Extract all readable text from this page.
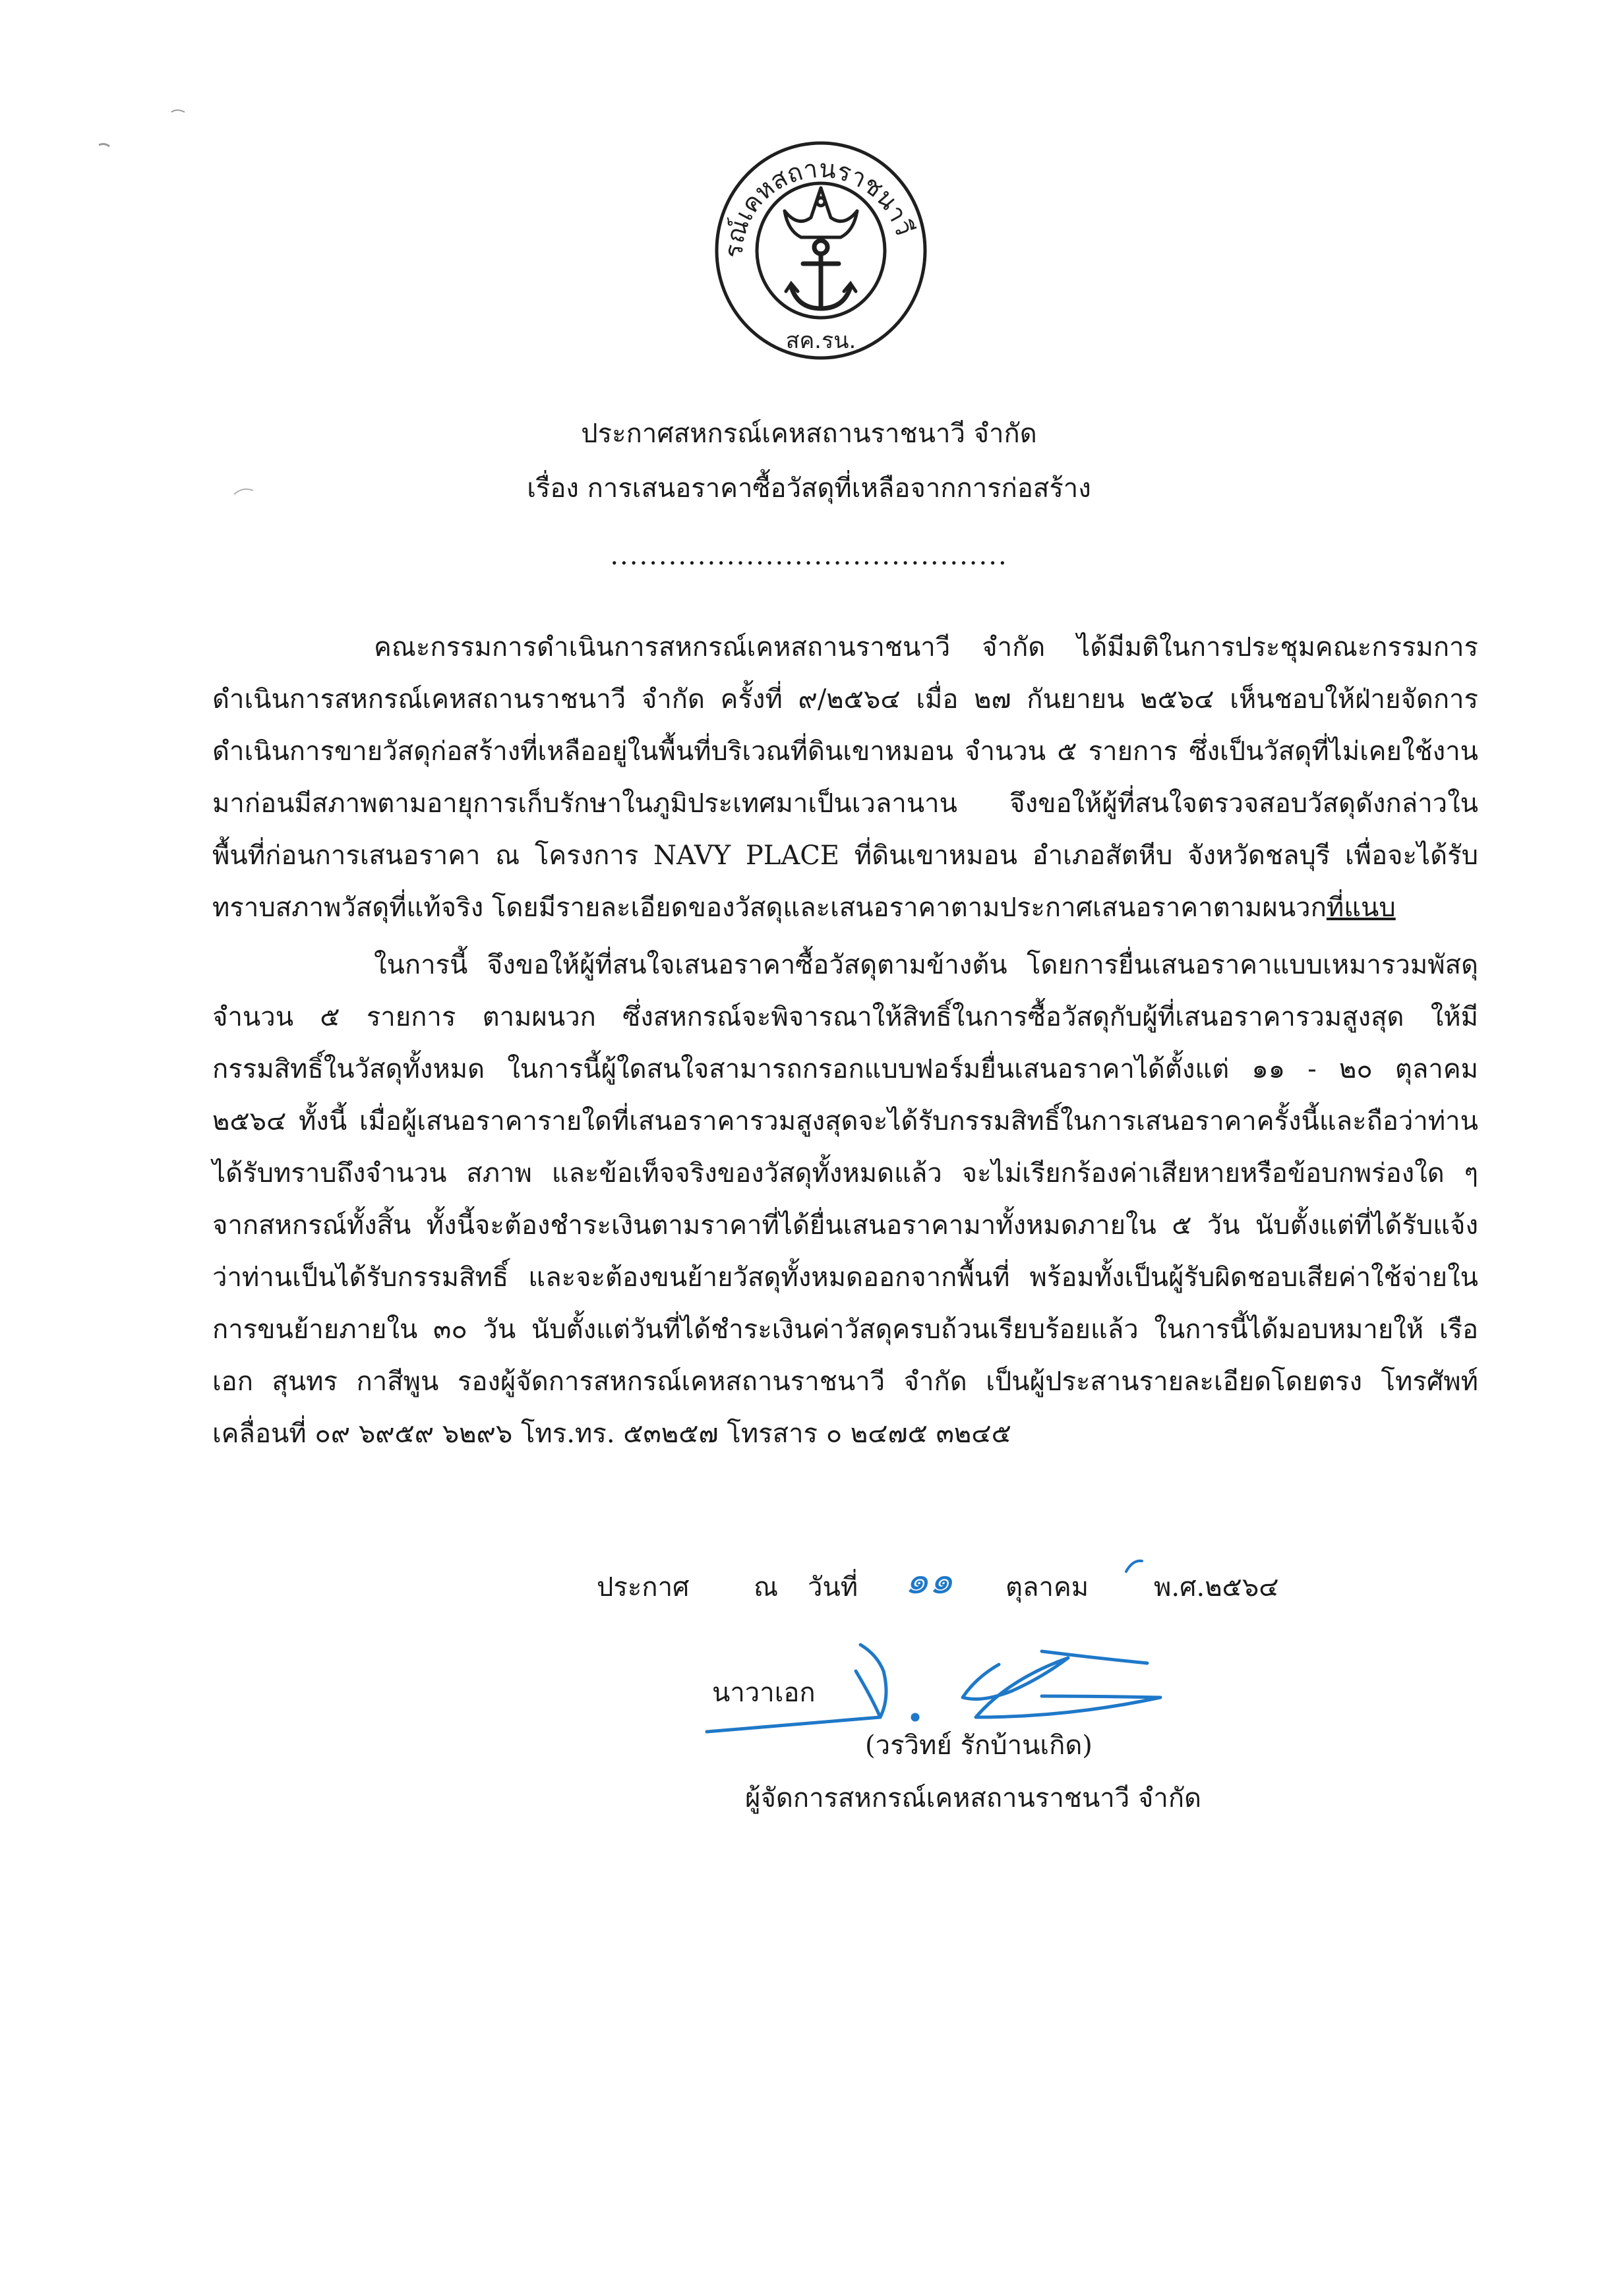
รณ์เคหสถานราชนาวี
สค.รน.
ประกาศสหกรณ์เคหสถานราชนาวี จำกัด
เรื่อง การเสนอราคาซื้อวัสดุที่เหลือจากการก่อสร้าง
.........................................

คณะกรรมการดำเนินการสหกรณ์เคหสถานราชนาวี จำกัด ได้มีมติในการประชุมคณะกรรมการดำเนินการสหกรณ์เคหสถานราชนาวี จำกัด ครั้งที่ ๙/๒๕๖๔ เมื่อ ๒๗ กันยายน ๒๕๖๔ เห็นชอบให้ฝ่ายจัดการดำเนินการขายวัสดุก่อสร้างที่เหลืออยู่ในพื้นที่บริเวณที่ดินเขาหมอน จำนวน ๕ รายการ ซึ่งเป็นวัสดุที่ไม่เคยใช้งานมาก่อนมีสภาพตามอายุการเก็บรักษาในภูมิประเทศมาเป็นเวลานาน จึงขอให้ผู้ที่สนใจตรวจสอบวัสดุดังกล่าวในพื้นที่ก่อนการเสนอราคา ณ โครงการ NAVY PLACE ที่ดินเขาหมอน อำเภอสัตหีบ จังหวัดชลบุรี เพื่อจะได้รับทราบสภาพวัสดุที่แท้จริง โดยมีรายละเอียดของวัสดุและเสนอราคาตามประกาศเสนอราคาตามผนวกที่แนบ

ในการนี้ จึงขอให้ผู้ที่สนใจเสนอราคาซื้อวัสดุตามข้างต้น โดยการยื่นเสนอราคาแบบเหมารวมพัสดุจำนวน ๕ รายการ ตามผนวก ซึ่งสหกรณ์จะพิจารณาให้สิทธิ์ในการซื้อวัสดุกับผู้ที่เสนอราคารวมสูงสุด ให้มีกรรมสิทธิ์ในวัสดุทั้งหมด ในการนี้ผู้ใดสนใจสามารถกรอกแบบฟอร์มยื่นเสนอราคาได้ตั้งแต่ ๑๑ - ๒๐ ตุลาคม ๒๕๖๔ ทั้งนี้ เมื่อผู้เสนอราคารายใดที่เสนอราคารวมสูงสุดจะได้รับกรรมสิทธิ์ในการเสนอราคาครั้งนี้และถือว่าท่านได้รับทราบถึงจำนวน สภาพ และข้อเท็จจริงของวัสดุทั้งหมดแล้ว จะไม่เรียกร้องค่าเสียหายหรือข้อบกพร่องใด ๆ จากสหกรณ์ทั้งสิ้น ทั้งนี้จะต้องชำระเงินตามราคาที่ได้ยื่นเสนอราคามาทั้งหมดภายใน ๕ วัน นับตั้งแต่ที่ได้รับแจ้งว่าท่านเป็นได้รับกรรมสิทธิ์ และจะต้องขนย้ายวัสดุทั้งหมดออกจากพื้นที่ พร้อมทั้งเป็นผู้รับผิดชอบเสียค่าใช้จ่ายในการขนย้ายภายใน ๓๐ วัน นับตั้งแต่วันที่ได้ชำระเงินค่าวัสดุครบถ้วนเรียบร้อยแล้ว ในการนี้ได้มอบหมายให้ เรือเอก สุนทร กาสีพูน รองผู้จัดการสหกรณ์เคหสถานราชนาวี จำกัด เป็นผู้ประสานรายละเอียดโดยตรง โทรศัพท์เคลื่อนที่ ๐๙ ๖๙๕๙ ๖๒๙๖ โทร.ทร. ๕๓๒๕๗ โทรสาร ๐ ๒๔๗๕ ๓๒๔๕

ประกาศ ณ วันที่ ๑๑ ตุลาคม พ.ศ.๒๕๖๔
นาวาเอก
(วรวิทย์ รักบ้านเกิด)
ผู้จัดการสหกรณ์เคหสถานราชนาวี จำกัด
